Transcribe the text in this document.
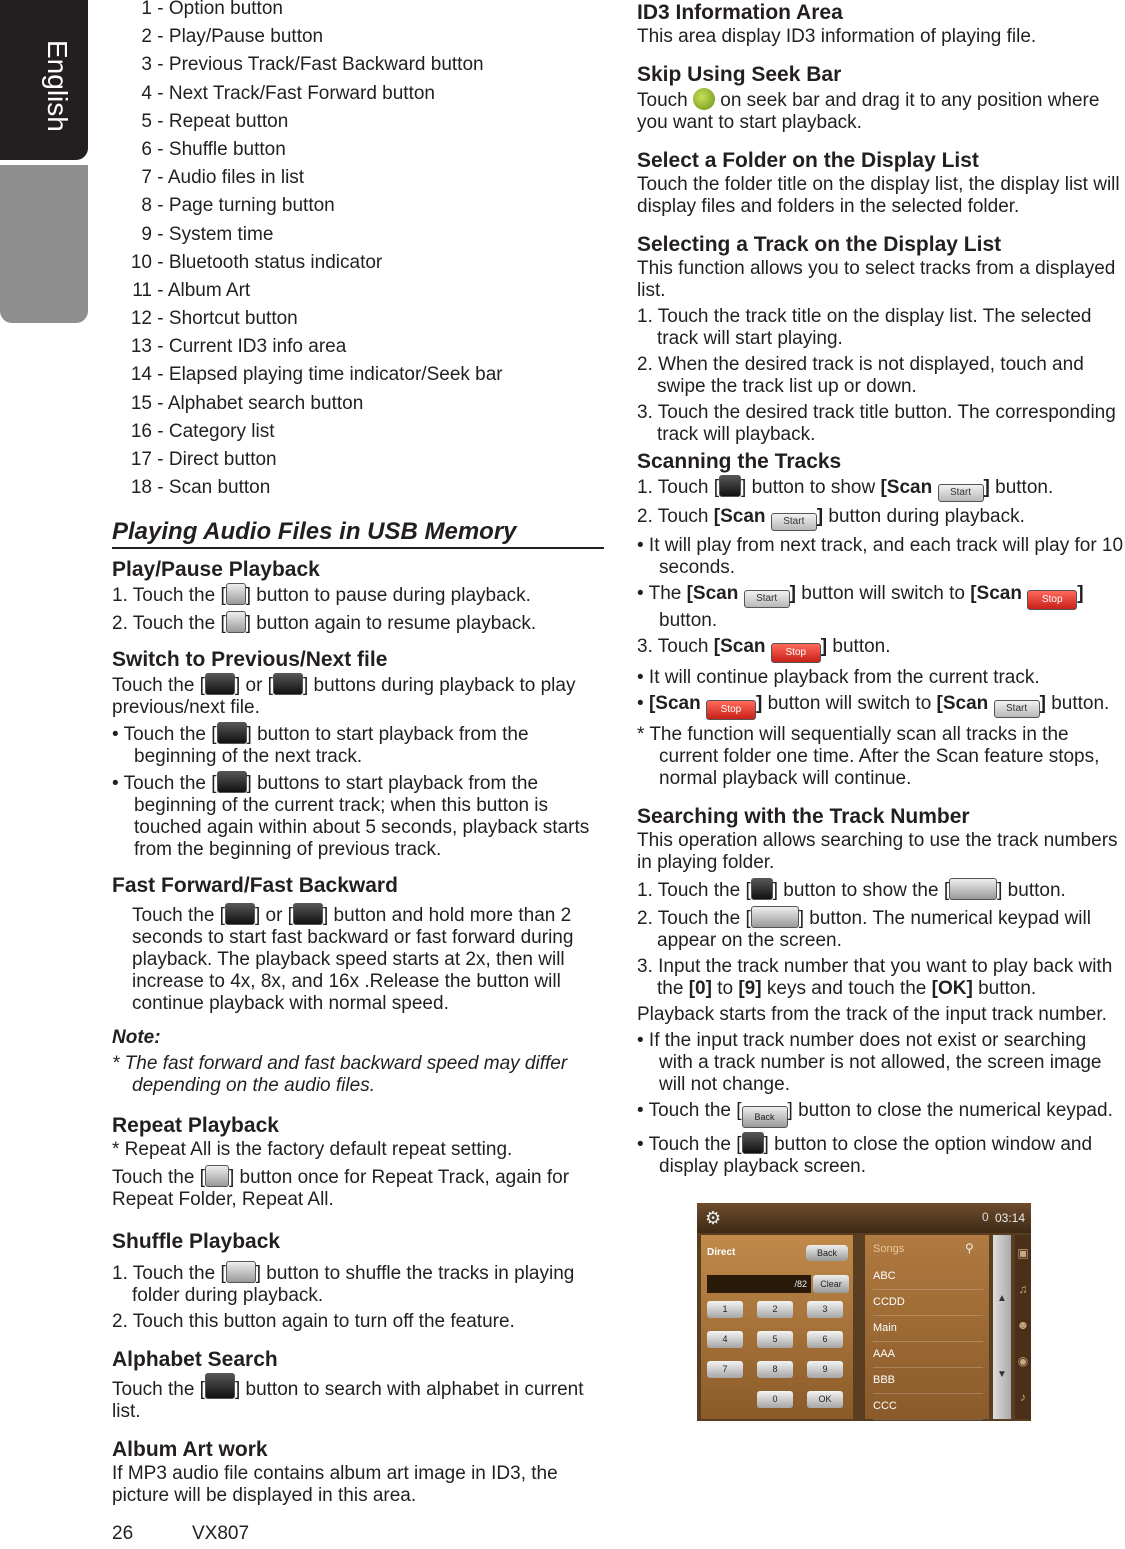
English
Owner's Manual
1 - Option button
2 - Play/Pause button
3 - Previous Track/Fast Backward button
4 - Next Track/Fast Forward button
5 - Repeat button
6 - Shuffle button
7 - Audio files in list
8 - Page turning button
9 - System time
10 - Bluetooth status indicator
11 - Album Art
12 - Shortcut button
13 - Current ID3 info area
14 - Elapsed playing time indicator/Seek bar
15 - Alphabet search button
16 - Category list
17 - Direct button
18 - Scan button
Playing Audio Files in USB Memory
Play/Pause Playback

1. Touch the [ ] button to pause during playback.

2. Touch the [ ] button again to resume playback.

Switch to Previous/Next file

Touch the [ ] or [ ] buttons during playback to play previous/next file.

• Touch the [ ] button to start playback from the beginning of the next track.

• Touch the [ ] buttons to start playback from the beginning of the current track; when this button is touched again within about 5 seconds, playback starts from the beginning of previous track.

Fast Forward/Fast Backward

Touch the [ ] or [ ] button and hold more than 2 seconds to start fast backward or fast forward during playback. The playback speed starts at 2x, then will increase to 4x, 8x, and 16x .Release the button will continue playback with normal speed.

Note:

* The fast forward and fast backward speed may differ depending on the audio files.

Repeat Playback

* Repeat All is the factory default repeat setting.

Touch the [ ] button once for Repeat Track, again for Repeat Folder, Repeat All.

Shuffle Playback

1. Touch the [ ] button to shuffle the tracks in playing folder during playback.

2. Touch this button again to turn off the feature.

Alphabet Search

Touch the [ ] button to search with alphabet in current list.

Album Art work

If MP3 audio file contains album art image in ID3, the picture will be displayed in this area.

ID3 Information Area

This area display ID3 information of playing file.

Skip Using Seek Bar

Touch on seek bar and drag it to any position where you want to start playback.

Select a Folder on the Display List

Touch the folder title on the display list, the display list will display files and folders in the selected folder.

Selecting a Track on the Display List

This function allows you to select tracks from a displayed list.

1. Touch the track title on the display list. The selected track will start playing.

2. When the desired track is not displayed, touch and swipe the track list up or down.

3. Touch the desired track title button. The corresponding track will playback.

Scanning the Tracks

1. Touch [ ] button to show [Scan Start ] button.

2. Touch [Scan Start ] button during playback.

• It will play from next track, and each track will play for 10 seconds.

• The [Scan Start ] button will switch to [Scan Stop ] button.

3. Touch [Scan Stop ] button.

• It will continue playback from the current track.

• [Scan Stop ] button will switch to [Scan Start ] button.

* The function will sequentially scan all tracks in the current folder one time. After the Scan feature stops, normal playback will continue.

Searching with the Track Number

This operation allows searching to use the track numbers in playing folder.

1. Touch the [ ] button to show the [	] button.

2. Touch the [	] button. The numerical keypad will appear on the screen.

3. Input the track number that you want to play back with the [0] to [9] keys and touch the [OK] button.

Playback starts from the track of the input track number.

• If the input track number does not exist or searching with a track number is not allowed, the screen image will not change.

• Touch the [ Back ] button to close the numerical keypad.

• Touch the [ ] button to close the option window and display playback screen.

⚙	0 03:14
Direct	Back
/82	Clear
1	2	3
4	5	6
7	8	9
0	OK
Songs	⚲
ABC
CCDD
Main
AAA
BBB
CCC
▲
▼
▣
♫
☻
◉
♪
26	VX807
